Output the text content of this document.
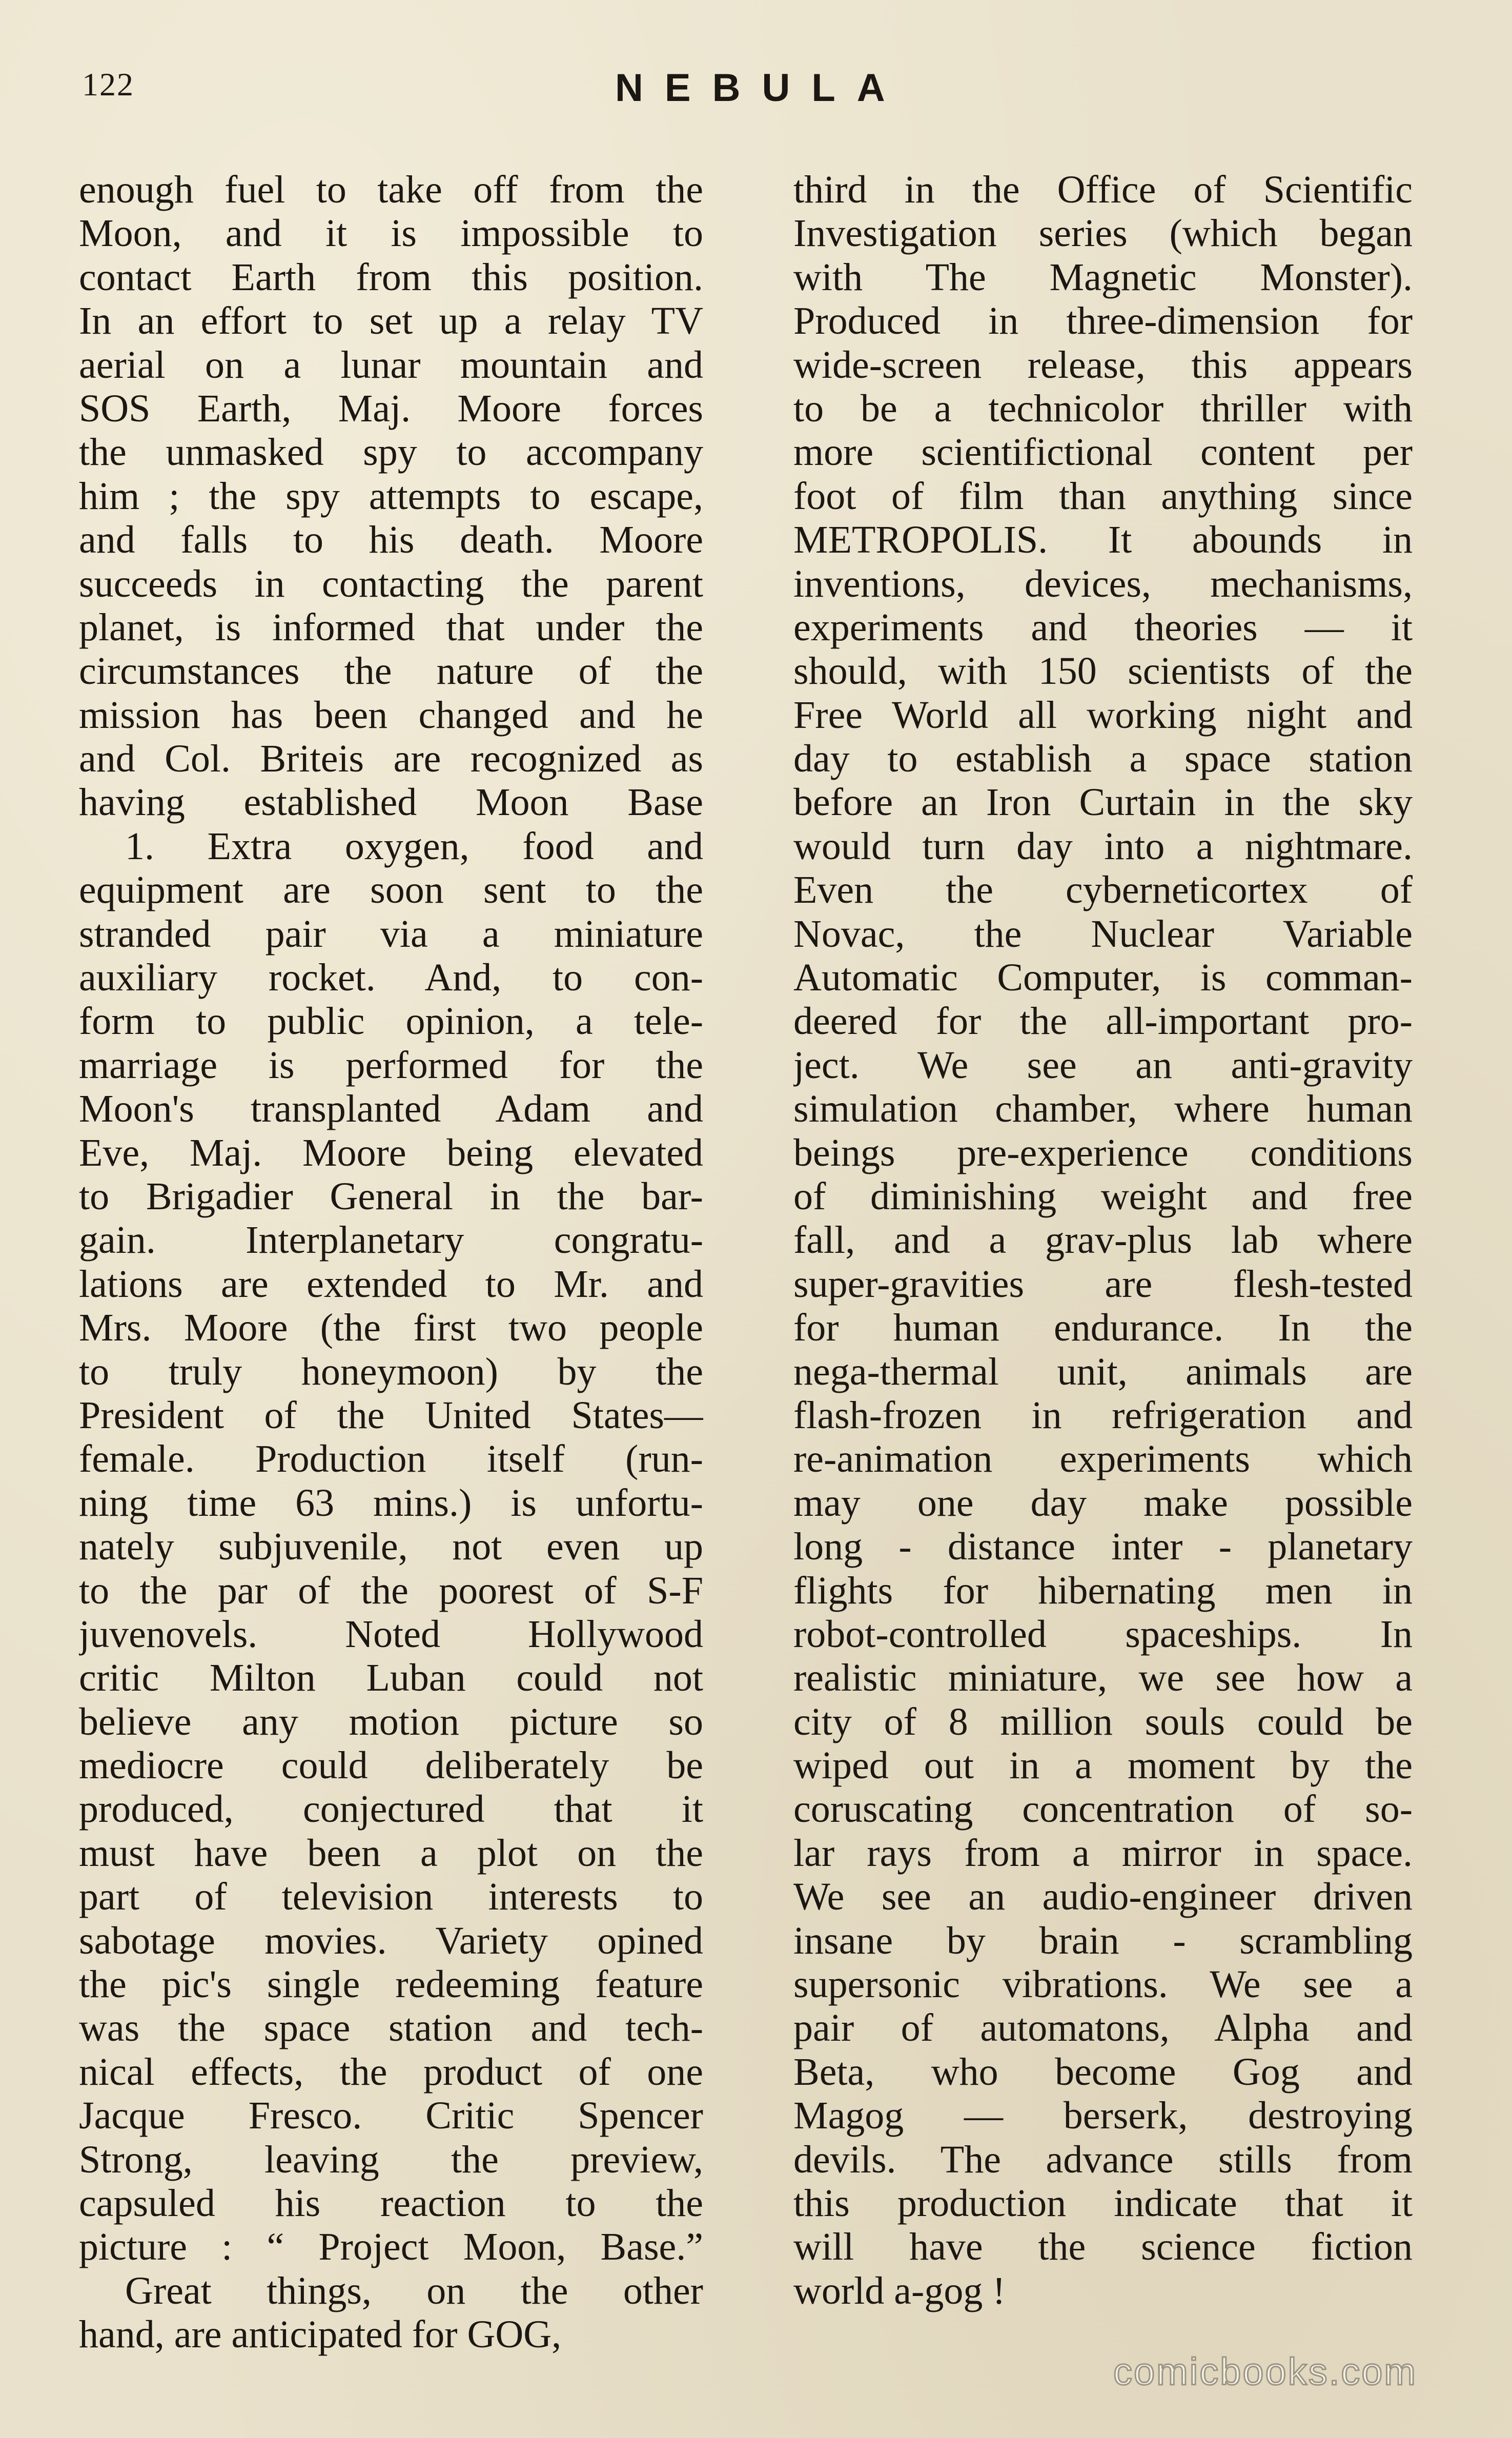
122	NEBULA
enough fuel to take off from the
Moon, and it is impossible to
contact Earth from this position.
In an effort to set up a relay TV
aerial on a lunar mountain and
SOS Earth, Maj. Moore forces
the unmasked spy to accompany
him ; the spy attempts to escape,
and falls to his death. Moore
succeeds in contacting the parent
planet, is informed that under the
circumstances the nature of the
mission has been changed and he
and Col. Briteis are recognized as
having established Moon Base
1. Extra oxygen, food and
equipment are soon sent to the
stranded pair via a miniature
auxiliary rocket. And, to con-
form to public opinion, a tele-
marriage is performed for the
Moon's transplanted Adam and
Eve, Maj. Moore being elevated
to Brigadier General in the bar-
gain. Interplanetary congratu-
lations are extended to Mr. and
Mrs. Moore (the first two people
to truly honeymoon) by the
President of the United States—
female. Production itself (run-
ning time 63 mins.) is unfortu-
nately subjuvenile, not even up
to the par of the poorest of S-F
juvenovels. Noted Hollywood
critic Milton Luban could not
believe any motion picture so
mediocre could deliberately be
produced, conjectured that it
must have been a plot on the
part of television interests to
sabotage movies. Variety opined
the pic's single redeeming feature
was the space station and tech-
nical effects, the product of one
Jacque Fresco. Critic Spencer
Strong, leaving the preview,
capsuled his reaction to the
picture : “ Project Moon, Base.”
Great things, on the other
hand, are anticipated for GOG,
third in the Office of Scientific
Investigation series (which began
with The Magnetic Monster).
Produced in three-dimension for
wide-screen release, this appears
to be a technicolor thriller with
more scientifictional content per
foot of film than anything since
METROPOLIS. It abounds in
inventions, devices, mechanisms,
experiments and theories — it
should, with 150 scientists of the
Free World all working night and
day to establish a space station
before an Iron Curtain in the sky
would turn day into a nightmare.
Even the cyberneticortex of
Novac, the Nuclear Variable
Automatic Computer, is comman-
deered for the all-important pro-
ject. We see an anti-gravity
simulation chamber, where human
beings pre-experience conditions
of diminishing weight and free
fall, and a grav-plus lab where
super-gravities are flesh-tested
for human endurance. In the
nega-thermal unit, animals are
flash-frozen in refrigeration and
re-animation experiments which
may one day make possible
long - distance inter - planetary
flights for hibernating men in
robot-controlled spaceships. In
realistic miniature, we see how a
city of 8 million souls could be
wiped out in a moment by the
coruscating concentration of so-
lar rays from a mirror in space.
We see an audio-engineer driven
insane by brain - scrambling
supersonic vibrations. We see a
pair of automatons, Alpha and
Beta, who become Gog and
Magog — berserk, destroying
devils. The advance stills from
this production indicate that it
will have the science fiction
world a-gog !
comicbooks.com
